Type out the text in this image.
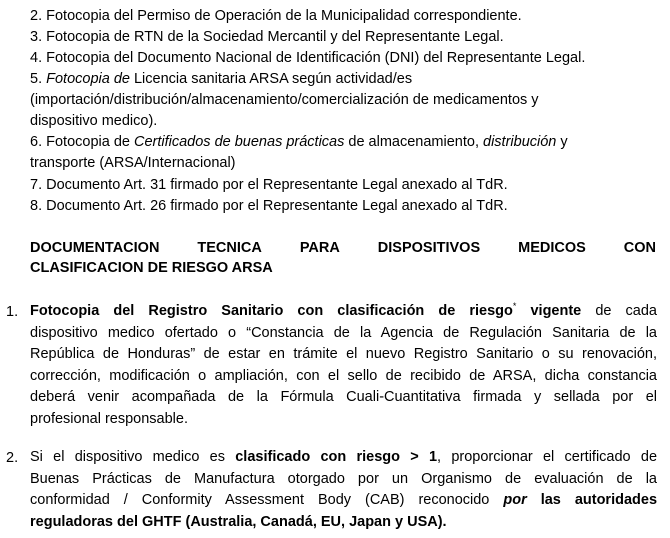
2. Fotocopia del Permiso de Operación de la Municipalidad correspondiente.
3. Fotocopia de RTN de la Sociedad Mercantil y del Representante Legal.
4. Fotocopia del Documento Nacional de Identificación (DNI) del Representante Legal.
5. Fotocopia de Licencia sanitaria ARSA según actividad/es
(importación/distribución/almacenamiento/comercialización de medicamentos y
dispositivo medico).
6. Fotocopia de Certificados de buenas prácticas de almacenamiento, distribución y
transporte (ARSA/Internacional)
7. Documento Art. 31 firmado por el Representante Legal anexado al TdR.
8. Documento Art. 26 firmado por el Representante Legal anexado al TdR.
DOCUMENTACION	TECNICA	PARA	DISPOSITIVOS	MEDICOS	CON
CLASIFICACION DE RIESGO ARSA
1. Fotocopia del Registro Sanitario con clasificación de riesgo* vigente de cada
dispositivo medico ofertado o “Constancia de la Agencia de Regulación Sanitaria de la
República de Honduras” de estar en trámite el nuevo Registro Sanitario o su renovación,
corrección, modificación o ampliación, con el sello de recibido de ARSA, dicha constancia
deberá venir acompañada de la Fórmula Cuali-Cuantitativa firmada y sellada por el
profesional responsable.
2. Si el dispositivo medico es clasificado con riesgo > 1, proporcionar el certificado de
Buenas Prácticas de Manufactura otorgado por un Organismo de evaluación de la
conformidad / Conformity Assessment Body (CAB) reconocido por las autoridades
reguladoras del GHTF (Australia, Canadá, EU, Japan y USA).
